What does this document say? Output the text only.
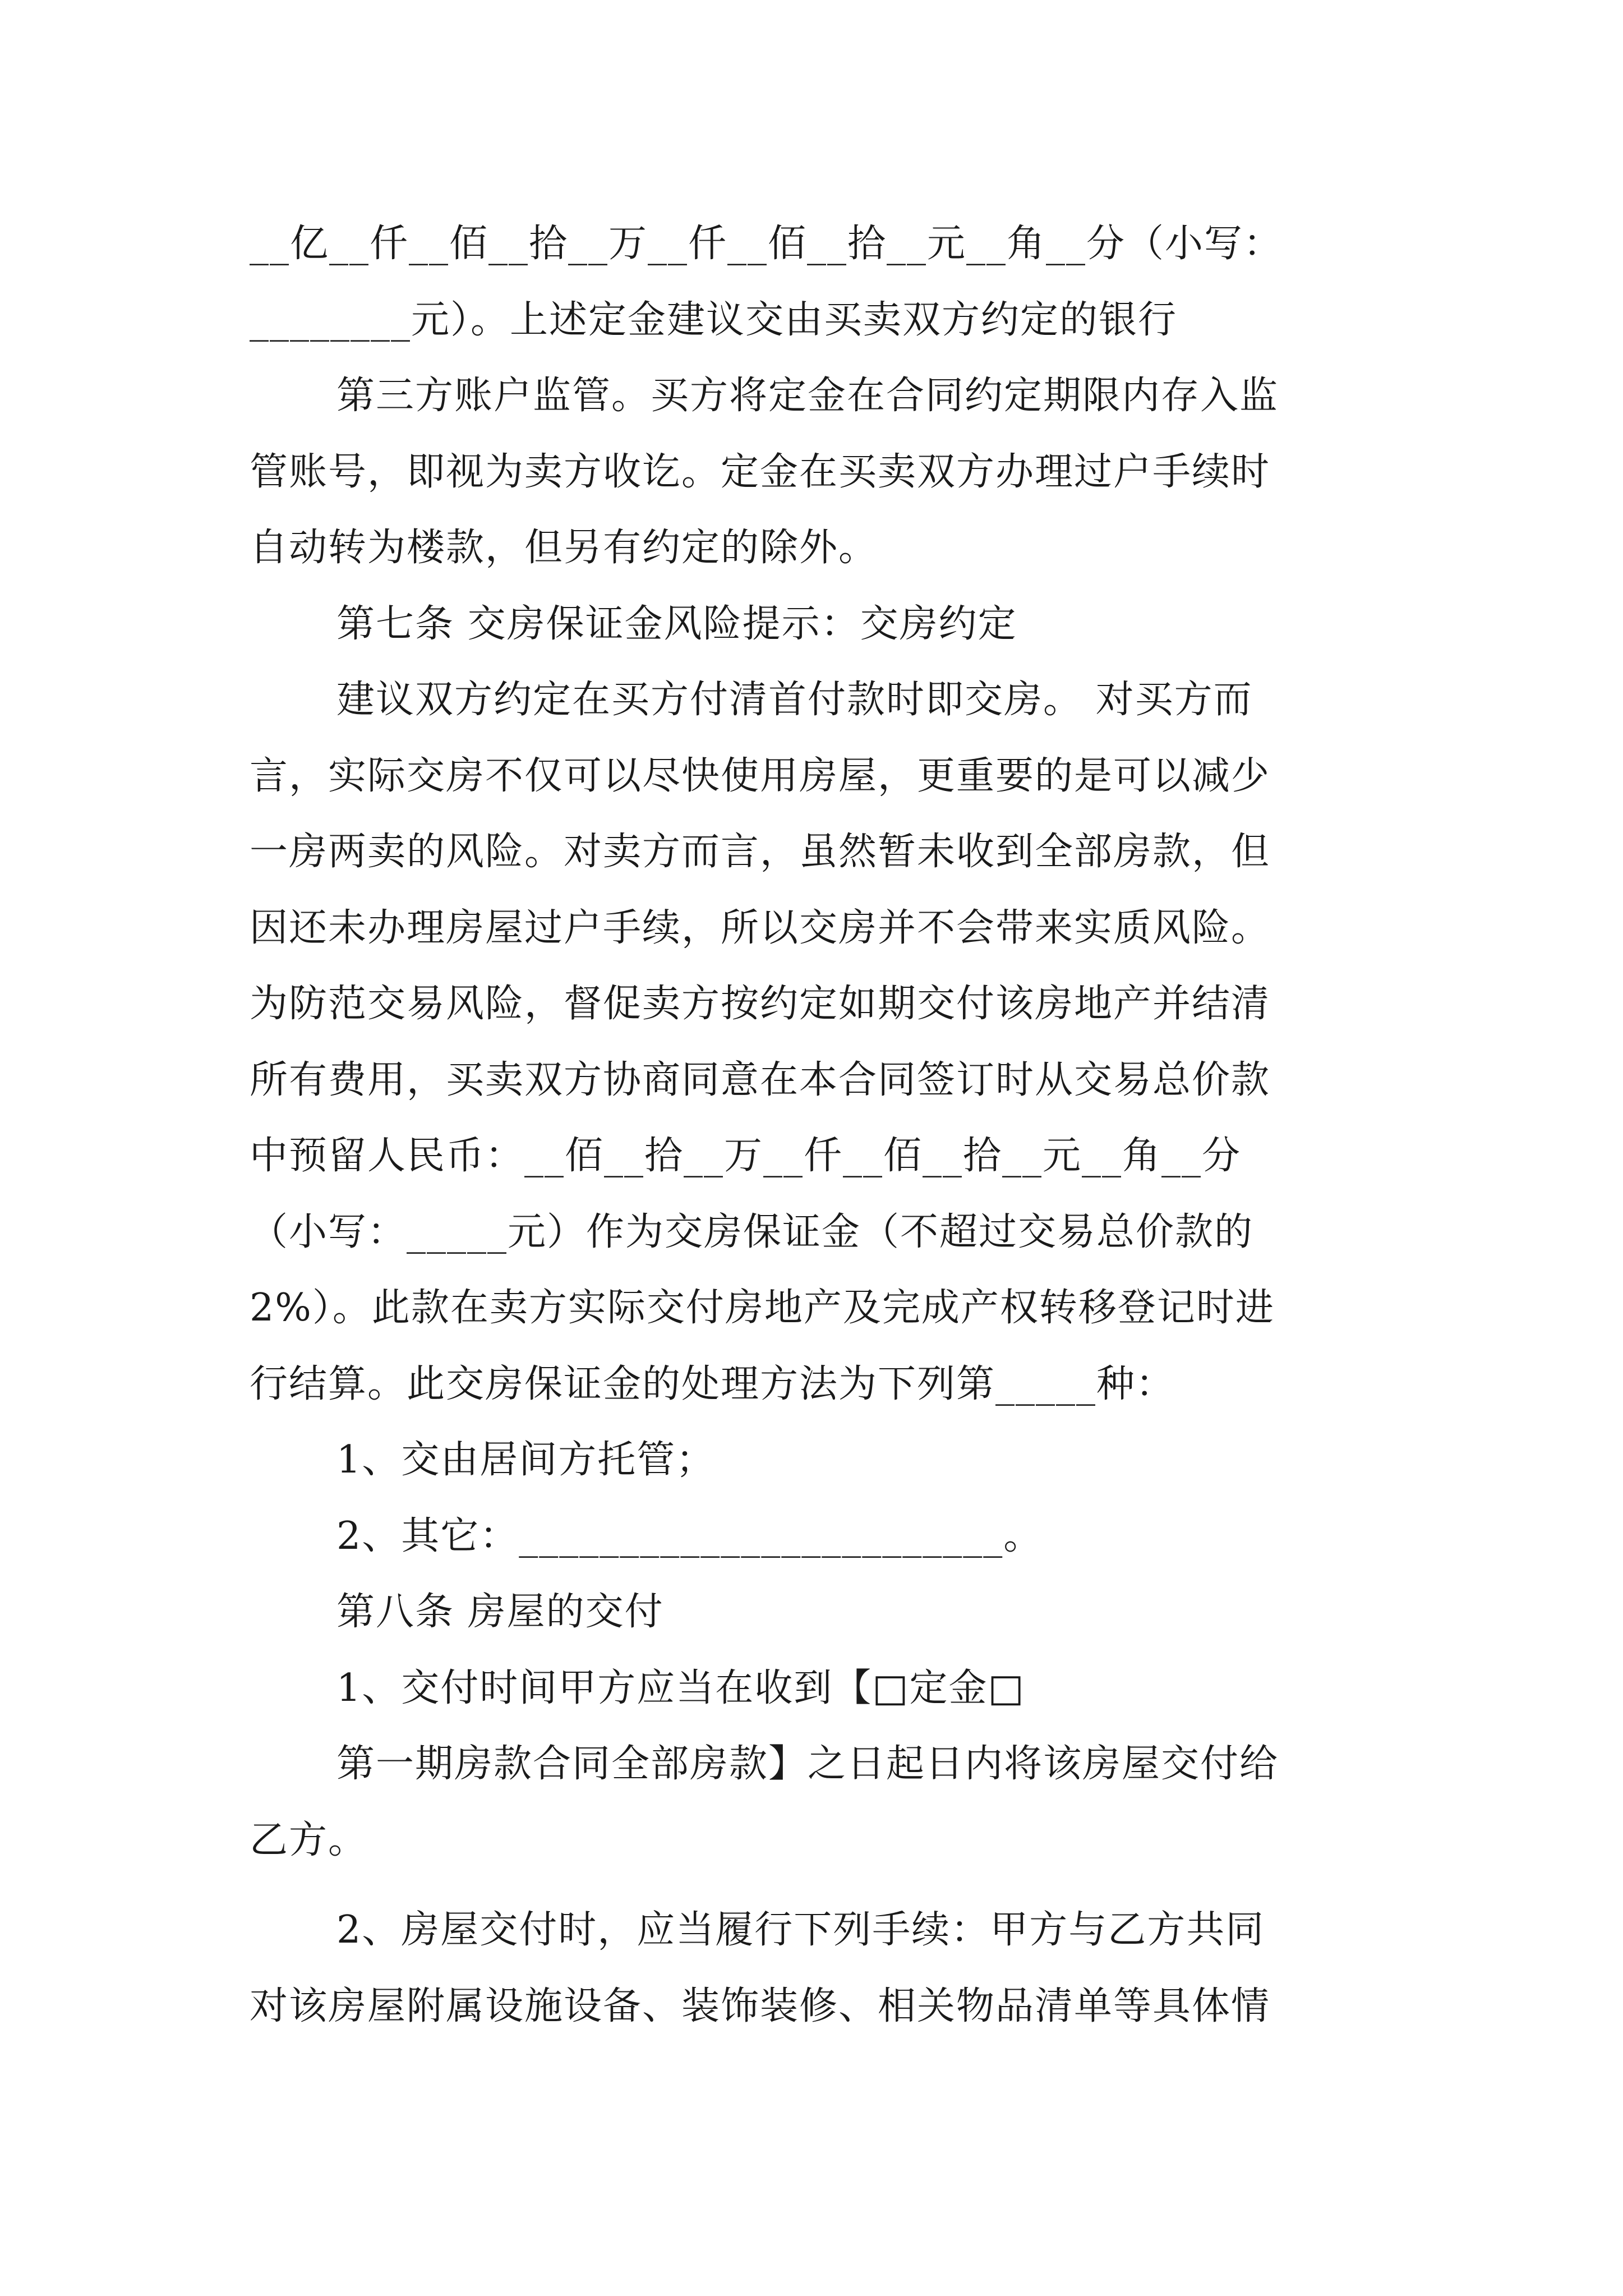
__亿__仟__佰__拾__万__仟__佰__拾__元__角__分（小写：
________元）。上述定金建议交由买卖双方约定的银行
第三方账户监管。买方将定金在合同约定期限内存入监
管账号，即视为卖方收讫。定金在买卖双方办理过户手续时
自动转为楼款，但另有约定的除外。
第七条 交房保证金风险提示：交房约定
建议双方约定在买方付清首付款时即交房。 对买方而
言，实际交房不仅可以尽快使用房屋，更重要的是可以减少
一房两卖的风险。对卖方而言，虽然暂未收到全部房款，但
因还未办理房屋过户手续，所以交房并不会带来实质风险。
为防范交易风险，督促卖方按约定如期交付该房地产并结清
所有费用，买卖双方协商同意在本合同签订时从交易总价款
中预留人民币：__佰__拾__万__仟__佰__拾__元__角__分
（小写：_____元）作为交房保证金（不超过交易总价款的
2%）。此款在卖方实际交付房地产及完成产权转移登记时进
行结算。此交房保证金的处理方法为下列第_____种：
1、交由居间方托管；
2、其它：________________________。
第八条 房屋的交付
1、交付时间甲方应当在收到【□定金□
第一期房款合同全部房款】之日起日内将该房屋交付给
乙方。
2、房屋交付时，应当履行下列手续：甲方与乙方共同
对该房屋附属设施设备、装饰装修、相关物品清单等具体情
